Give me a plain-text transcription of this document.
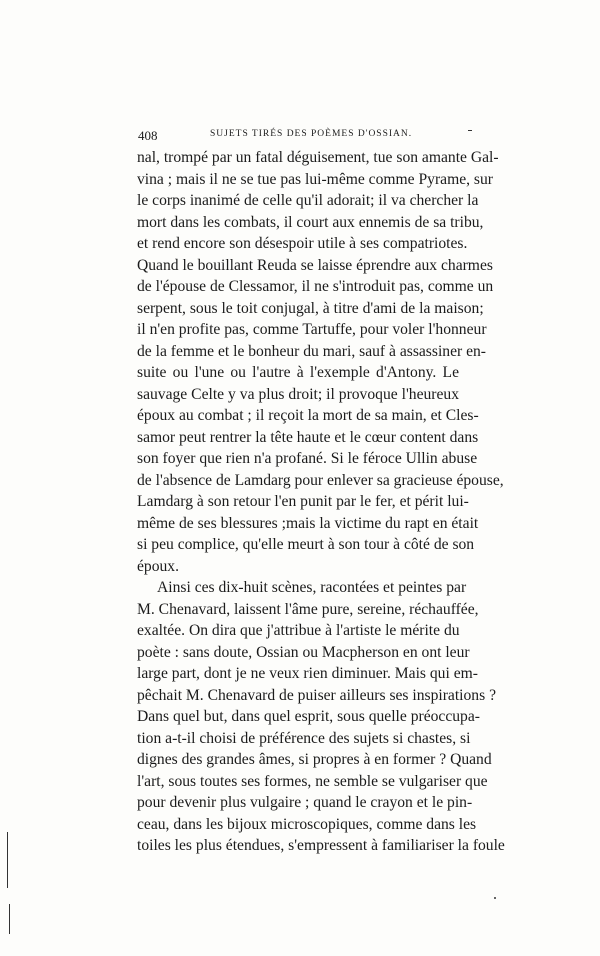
408	SUJETS TIRÉS DES POÈMES D'OSSIAN.
nal, trompé par un fatal déguisement, tue son amante Gal-
vina ; mais il ne se tue pas lui-même comme Pyrame, sur
le corps inanimé de celle qu'il adorait; il va chercher la
mort dans les combats, il court aux ennemis de sa tribu,
et rend encore son désespoir utile à ses compatriotes.
Quand le bouillant Reuda se laisse éprendre aux charmes
de l'épouse de Clessamor, il ne s'introduit pas, comme un
serpent, sous le toit conjugal, à titre d'ami de la maison;
il n'en profite pas, comme Tartuffe, pour voler l'honneur
de la femme et le bonheur du mari, sauf à assassiner en-
suite ou l'une ou l'autre à l'exemple d'Antony. Le
sauvage Celte y va plus droit; il provoque l'heureux
époux au combat ; il reçoit la mort de sa main, et Cles-
samor peut rentrer la tête haute et le cœur content dans
son foyer que rien n'a profané. Si le féroce Ullin abuse
de l'absence de Lamdarg pour enlever sa gracieuse épouse,
Lamdarg à son retour l'en punit par le fer, et périt lui-
même de ses blessures ;mais la victime du rapt en était
si peu complice, qu'elle meurt à son tour à côté de son
époux.
Ainsi ces dix-huit scènes, racontées et peintes par
M. Chenavard, laissent l'âme pure, sereine, réchauffée,
exaltée. On dira que j'attribue à l'artiste le mérite du
poète : sans doute, Ossian ou Macpherson en ont leur
large part, dont je ne veux rien diminuer. Mais qui em-
pêchait M. Chenavard de puiser ailleurs ses inspirations ?
Dans quel but, dans quel esprit, sous quelle préoccupa-
tion a-t-il choisi de préférence des sujets si chastes, si
dignes des grandes âmes, si propres à en former ? Quand
l'art, sous toutes ses formes, ne semble se vulgariser que
pour devenir plus vulgaire ; quand le crayon et le pin-
ceau, dans les bijoux microscopiques, comme dans les
toiles les plus étendues, s'empressent à familiariser la foule
